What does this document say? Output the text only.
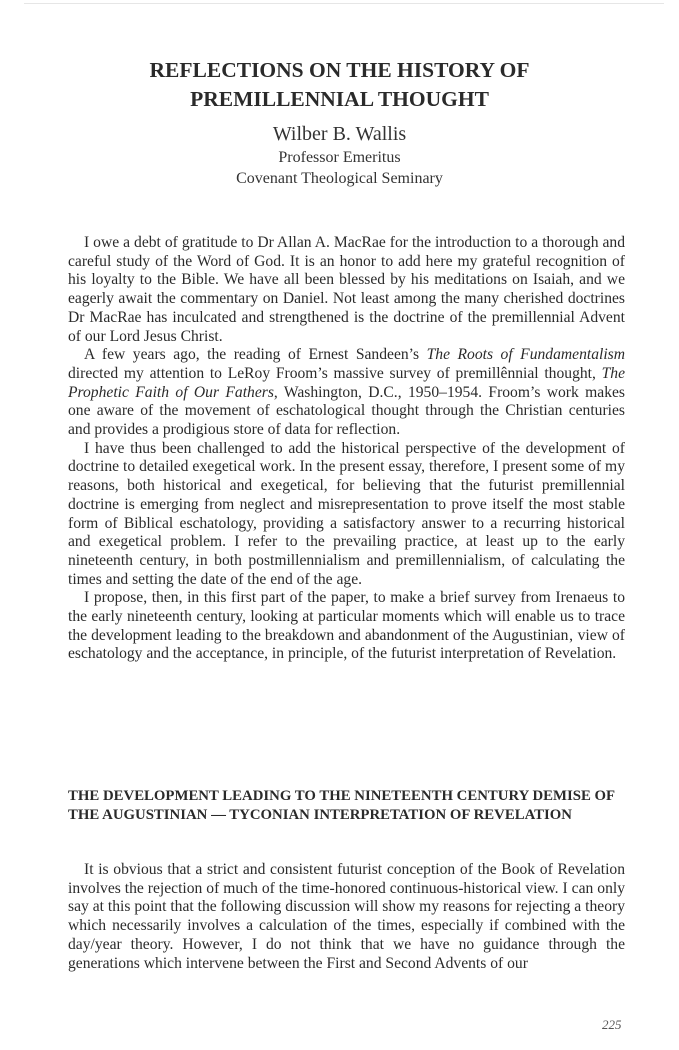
REFLECTIONS ON THE HISTORY OF
PREMILLENNIAL THOUGHT
Wilber B. Wallis
Professor Emeritus
Covenant Theological Seminary

I owe a debt of gratitude to Dr Allan A. MacRae for the introduction to a thorough and careful study of the Word of God. It is an honor to add here my grateful recognition of his loyalty to the Bible. We have all been blessed by his meditations on Isaiah, and we eagerly await the commentary on Daniel. Not least among the many cherished doctrines Dr MacRae has inculcated and strengthened is the doctrine of the premillennial Advent of our Lord Jesus Christ.

A few years ago, the reading of Ernest Sandeen’s The Roots of Fundamentalism directed my attention to LeRoy Froom’s massive survey of premillênnial thought, The Prophetic Faith of Our Fathers, Washington, D.C., 1950–1954. Froom’s work makes one aware of the movement of eschatological thought through the Christian centuries and provides a prodigious store of data for reflection.

I have thus been challenged to add the historical perspective of the development of doctrine to detailed exegetical work. In the present essay, therefore, I present some of my reasons, both historical and exegetical, for believing that the futurist premillennial doctrine is emerging from neglect and misrepresentation to prove itself the most stable form of Biblical eschatology, providing a satisfactory answer to a recurring historical and exegetical problem. I refer to the prevailing practice, at least up to the early nineteenth century, in both postmillennialism and premillennialism, of calculating the times and setting the date of the end of the age.

I propose, then, in this first part of the paper, to make a brief survey from Irenaeus to the early nineteenth century, looking at particular moments which will enable us to trace the development leading to the breakdown and abandonment of the Augustinian‚ view of eschatology and the acceptance, in principle, of the futurist interpretation of Revelation.

THE DEVELOPMENT LEADING TO THE NINETEENTH CENTURY DEMISE OF THE AUGUSTINIAN — TYCONIAN INTERPRETATION OF REVELATION

It is obvious that a strict and consistent futurist conception of the Book of Revelation involves the rejection of much of the time-honored continuous-historical view. I can only say at this point that the following discussion will show my reasons for rejecting a theory which necessarily involves a calculation of the times, especially if combined with the day/year theory. However, I do not think that we have no guidance through the generations which intervene between the First and Second Advents of our

225
